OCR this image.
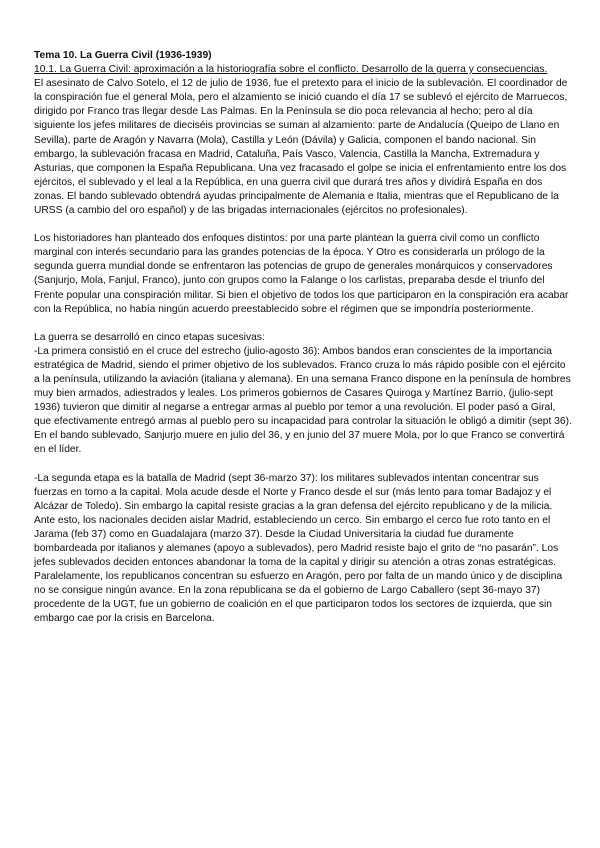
Tema 10. La Guerra Civil (1936-1939)
10.1. La Guerra Civil: aproximación a la historiografía sobre el conflicto. Desarrollo de la guerra y consecuencias.

El asesinato de Calvo Sotelo, el 12 de julio de 1936, fue el pretexto para el inicio de la sublevación. El coordinador de la conspiración fue el general Mola, pero el alzamiento se inició cuando el día 17 se sublevó el ejército de Marruecos, dirigido por Franco tras llegar desde Las Palmas. En la Península se dio poca relevancia al hecho; pero al día siguiente los jefes militares de dieciséis provincias se suman al alzamiento: parte de Andalucía (Queipo de Llano en Sevilla), parte de Aragón y Navarra (Mola), Castilla y León (Dávila) y Galicia, componen el bando nacional. Sin embargo, la sublevación fracasa en Madrid, Cataluña, País Vasco, Valencia, Castilla la Mancha, Extremadura y Asturias, que componen la España Republicana. Una vez fracasado el golpe se inicia el enfrentamiento entre los dos ejércitos, el sublevado y el leal a la República, en una guerra civil que durará tres años y dividirá España en dos zonas. El bando sublevado obtendrá ayudas principalmente de Alemania e Italia, mientras que el Republicano de la URSS (a cambio del oro español) y de las brigadas internacionales (ejércitos no profesionales).

Los historiadores han planteado dos enfoques distintos: por una parte plantean la guerra civil como un conflicto marginal con interés secundario para las grandes potencias de la época. Y Otro es considerarla un prólogo de la segunda guerra mundial donde se enfrentaron las potencias de grupo de generales monárquicos y conservadores (Sanjurjo, Mola, Fanjul, Franco), junto con grupos como la Falange o los carlistas, preparaba desde el triunfo del Frente popular una conspiración militar. Si bien el objetivo de todos los que participaron en la conspiración era acabar con la República, no había ningún acuerdo preestablecido sobre el régimen que se impondría posteriormente.

La guerra se desarrolló en cinco etapas sucesivas:

-La primera consistió en el cruce del estrecho (julio-agosto 36): Ambos bandos eran conscientes de la importancia estratégica de Madrid, siendo el primer objetivo de los sublevados. Franco cruza lo más rápido posible con el ejército a la península, utilizando la aviación (italiana y alemana). En una semana Franco dispone en la península de hombres muy bien armados, adiestrados y leales. Los primeros gobiernos de Casares Quiroga y Martínez Barrio, (julio-sept 1936) tuvieron que dimitir al negarse a entregar armas al pueblo por temor a una revolución. El poder pasó a Giral, que efectivamente entregó armas al pueblo pero su incapacidad para controlar la situación le obligó a dimitir (sept 36). En el bando sublevado, Sanjurjo muere en julio del 36, y en junio del 37 muere Mola, por lo que Franco se convertirá en el líder.

-La segunda etapa es la batalla de Madrid (sept 36-marzo 37): los militares sublevados intentan concentrar sus fuerzas en torno a la capital. Mola acude desde el Norte y Franco desde el sur (más lento para tomar Badajoz y el Alcázar de Toledo). Sin embargo la capital resiste gracias a la gran defensa del ejército republicano y de la milicia. Ante esto, los nacionales deciden aislar Madrid, estableciendo un cerco. Sin embargo el cerco fue roto tanto en el Jarama (feb 37) como en Guadalajara (marzo 37). Desde la Ciudad Universitaria la ciudad fue duramente bombardeada por italianos y alemanes (apoyo a sublevados), pero Madrid resiste bajo el grito de “no pasarán”. Los jefes sublevados deciden entonces abandonar la toma de la capital y dirigir su atención a otras zonas estratégicas. Paralelamente, los republicanos concentran su esfuerzo en Aragón, pero por falta de un mando único y de disciplina no se consigue ningún avance. En la zona republicana se da el gobierno de Largo Caballero (sept 36-mayo 37) procedente de la UGT, fue un gobierno de coalición en el que participaron todos los sectores de izquierda, que sin embargo cae por la crisis en Barcelona.
